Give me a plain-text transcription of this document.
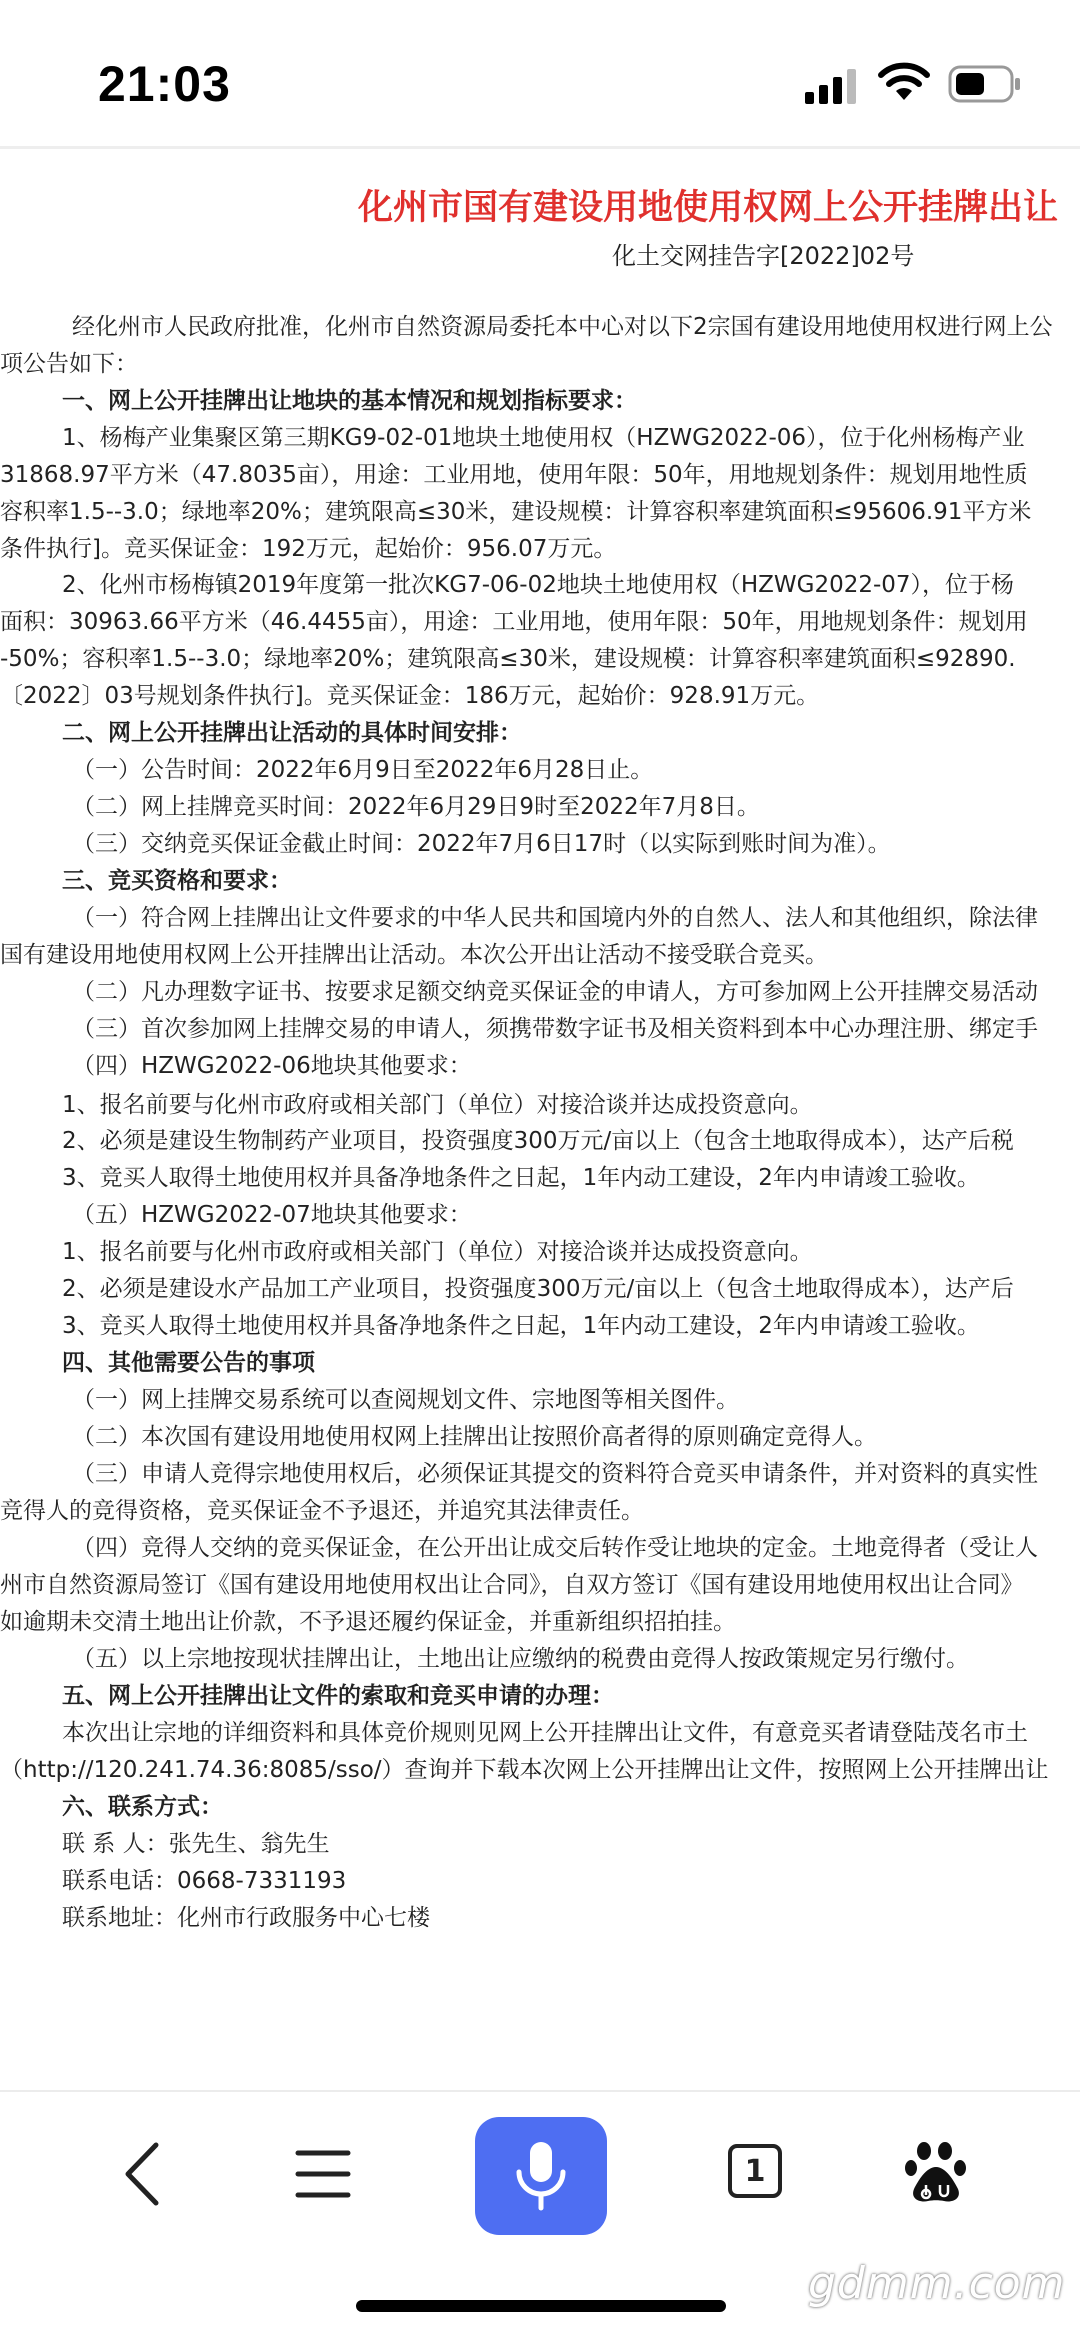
21:03
化州市国有建设用地使用权网上公开挂牌出让
化土交网挂告字[2022]02号
经化州市人民政府批准，化州市自然资源局委托本中心对以下2宗国有建设用地使用权进行网上公
项公告如下：
一、网上公开挂牌出让地块的基本情况和规划指标要求：
1、杨梅产业集聚区第三期KG9-02-01地块土地使用权（HZWG2022-06），位于化州杨梅产业
31868.97平方米（47.8035亩），用途：工业用地，使用年限：50年，用地规划条件：规划用地性质
容积率1.5--3.0；绿地率20%；建筑限高≤30米，建设规模：计算容积率建筑面积≤95606.91平方米
条件执行]。竞买保证金：192万元，起始价：956.07万元。
2、化州市杨梅镇2019年度第一批次KG7-06-02地块土地使用权（HZWG2022-07），位于杨
面积：30963.66平方米（46.4455亩），用途：工业用地，使用年限：50年，用地规划条件：规划用
-50%；容积率1.5--3.0；绿地率20%；建筑限高≤30米，建设规模：计算容积率建筑面积≤92890.
〔2022〕03号规划条件执行]。竞买保证金：186万元，起始价：928.91万元。
二、网上公开挂牌出让活动的具体时间安排：
（一）公告时间：2022年6月9日至2022年6月28日止。
（二）网上挂牌竞买时间：2022年6月29日9时至2022年7月8日。
（三）交纳竞买保证金截止时间：2022年7月6日17时（以实际到账时间为准）。
三、竞买资格和要求：
（一）符合网上挂牌出让文件要求的中华人民共和国境内外的自然人、法人和其他组织，除法律
国有建设用地使用权网上公开挂牌出让活动。本次公开出让活动不接受联合竞买。
（二）凡办理数字证书、按要求足额交纳竞买保证金的申请人，方可参加网上公开挂牌交易活动
（三）首次参加网上挂牌交易的申请人，须携带数字证书及相关资料到本中心办理注册、绑定手
（四）HZWG2022-06地块其他要求：
1、报名前要与化州市政府或相关部门（单位）对接洽谈并达成投资意向。
2、必须是建设生物制药产业项目，投资强度300万元/亩以上（包含土地取得成本），达产后税
3、竞买人取得土地使用权并具备净地条件之日起，1年内动工建设，2年内申请竣工验收。
（五）HZWG2022-07地块其他要求：
1、报名前要与化州市政府或相关部门（单位）对接洽谈并达成投资意向。
2、必须是建设水产品加工产业项目，投资强度300万元/亩以上（包含土地取得成本），达产后
3、竞买人取得土地使用权并具备净地条件之日起，1年内动工建设，2年内申请竣工验收。
四、其他需要公告的事项
（一）网上挂牌交易系统可以查阅规划文件、宗地图等相关图件。
（二）本次国有建设用地使用权网上挂牌出让按照价高者得的原则确定竞得人。
（三）申请人竞得宗地使用权后，必须保证其提交的资料符合竞买申请条件，并对资料的真实性
竞得人的竞得资格，竞买保证金不予退还，并追究其法律责任。
（四）竞得人交纳的竞买保证金，在公开出让成交后转作受让地块的定金。土地竞得者（受让人
州市自然资源局签订《国有建设用地使用权出让合同》，自双方签订《国有建设用地使用权出让合同》
如逾期未交清土地出让价款，不予退还履约保证金，并重新组织招拍挂。
（五）以上宗地按现状挂牌出让，土地出让应缴纳的税费由竞得人按政策规定另行缴付。
五、网上公开挂牌出让文件的索取和竞买申请的办理：
本次出让宗地的详细资料和具体竞价规则见网上公开挂牌出让文件，有意竞买者请登陆茂名市土
（http://120.241.74.36:8085/sso/）查询并下载本次网上公开挂牌出让文件，按照网上公开挂牌出让
六、联系方式：
联 系 人：张先生、翁先生
联系电话：0668-7331193
联系地址：化州市行政服务中心七楼
1
gdmm.com
